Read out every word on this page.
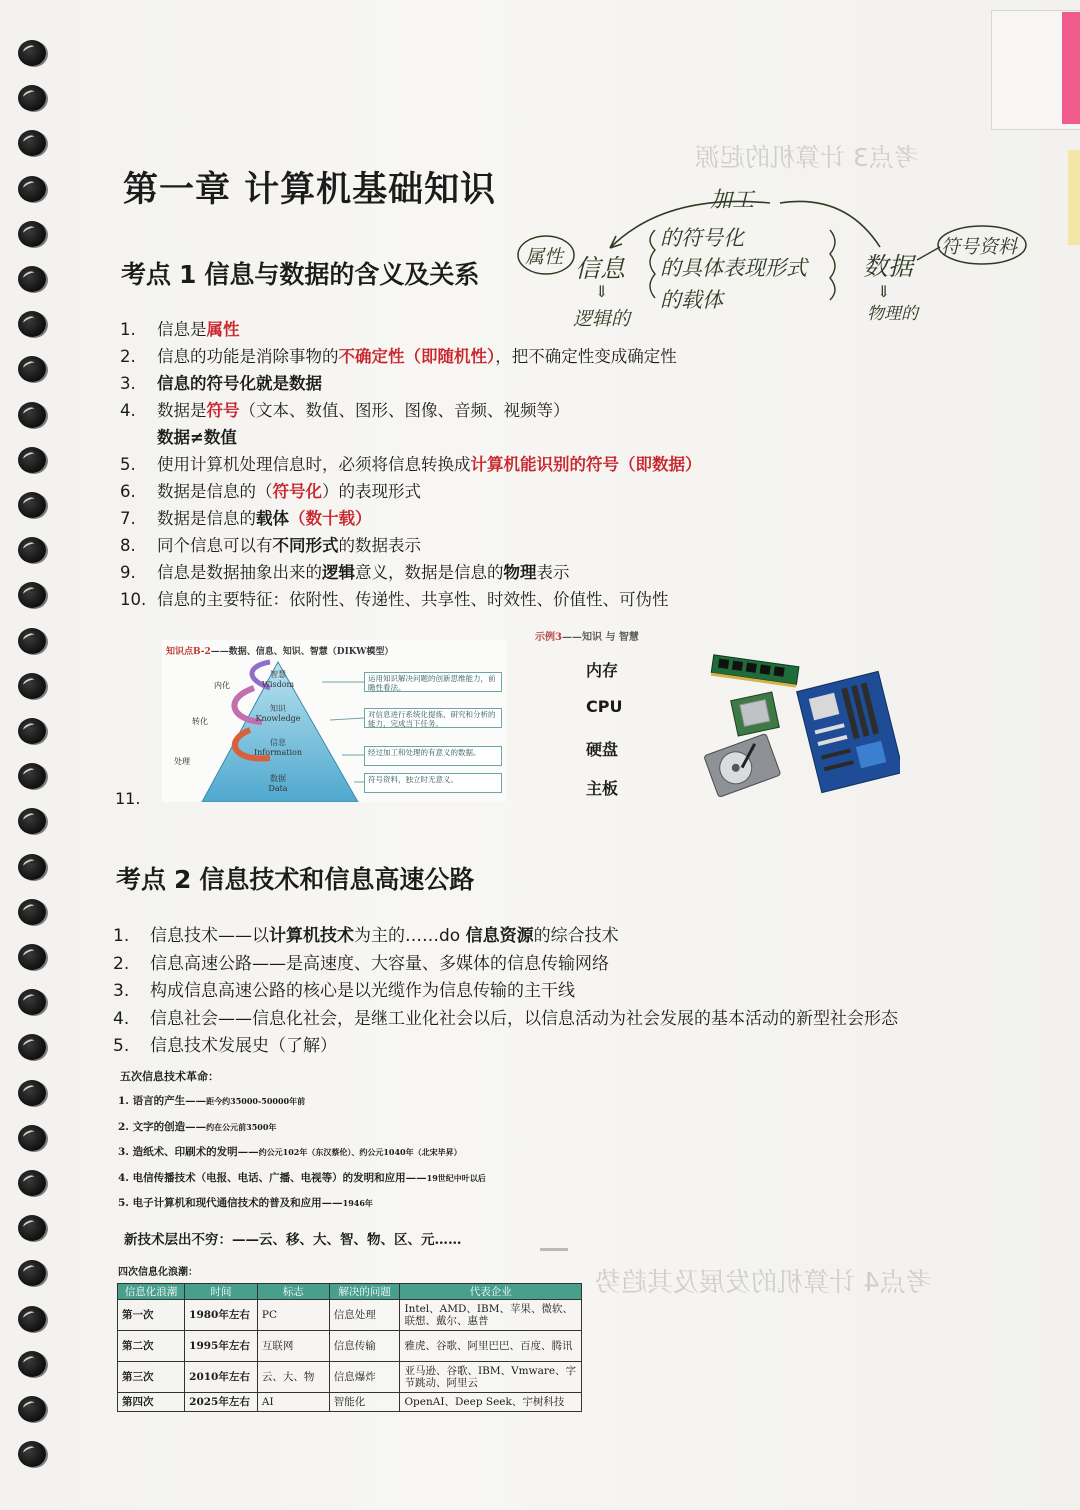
考点3 计算机的起源
考点4 计算机的发展及其趋势
第一章 计算机基础知识
考点 1 信息与数据的含义及关系
加工
属性 信息
⇓
逻辑的
的符号化
的具体表现形式
的载体
数据
⇓
物理的
符号资料
1.	信息是属性
2.	信息的功能是消除事物的不确定性（即随机性），把不确定性变成确定性
3.	信息的符号化就是数据
4.	数据是符号（文本、数值、图形、图像、音频、视频等）
数据≠数值
5.	使用计算机处理信息时，必须将信息转换成计算机能识别的符号（即数据）
6.	数据是信息的（符号化）的表现形式
7.	数据是信息的载体（数十载）
8.	同个信息可以有不同形式的数据表示
9.	信息是数据抽象出来的逻辑意义，数据是信息的物理表示
10. 信息的主要特征：依附性、传递性、共享性、时效性、价值性、可伪性
知识点B-2——数据、信息、知识、智慧（DIKW模型）
智慧
Wisdom
知识
Knowledge
信息
Information
数据
Data
内化
转化
处理
运用知识解决问题的创新思维能力，前瞻性看法。
对信息进行系统化提炼、研究和分析的能力，完成当下任务。
经过加工和处理的有意义的数据。
符号资料，独立时无意义。
11.
示例3——知识 与 智慧
内存
CPU
硬盘
主板
考点 2 信息技术和信息高速公路
1. 信息技术——以计算机技术为主的……do 信息资源的综合技术
2. 信息高速公路——是高速度、大容量、多媒体的信息传输网络
3. 构成信息高速公路的核心是以光缆作为信息传输的主干线
4. 信息社会——信息化社会，是继工业化社会以后，以信息活动为社会发展的基本活动的新型社会形态
5. 信息技术发展史（了解）
五次信息技术革命：
1. 语言的产生——距今约35000-50000年前
2. 文字的创造——约在公元前3500年
3. 造纸术、印刷术的发明——约公元102年（东汉蔡伦）、约公元1040年（北宋毕昇）
4. 电信传播技术（电报、电话、广播、电视等）的发明和应用——19世纪中叶以后
5. 电子计算机和现代通信技术的普及和应用——1946年
新技术层出不穷：——云、移、大、智、物、区、元……
四次信息化浪潮：
信息化浪潮	时间	标志	解决的问题	代表企业
第一次	1980年左右	PC	信息处理	Intel、AMD、IBM、苹果、微软、联想、戴尔、惠普
第二次	1995年左右	互联网	信息传输	雅虎、谷歌、阿里巴巴、百度、腾讯
第三次	2010年左右	云、大、物	信息爆炸	亚马逊、谷歌、IBM、Vmware、字节跳动、阿里云
第四次	2025年左右	AI	智能化	OpenAI、Deep Seek、宇树科技
